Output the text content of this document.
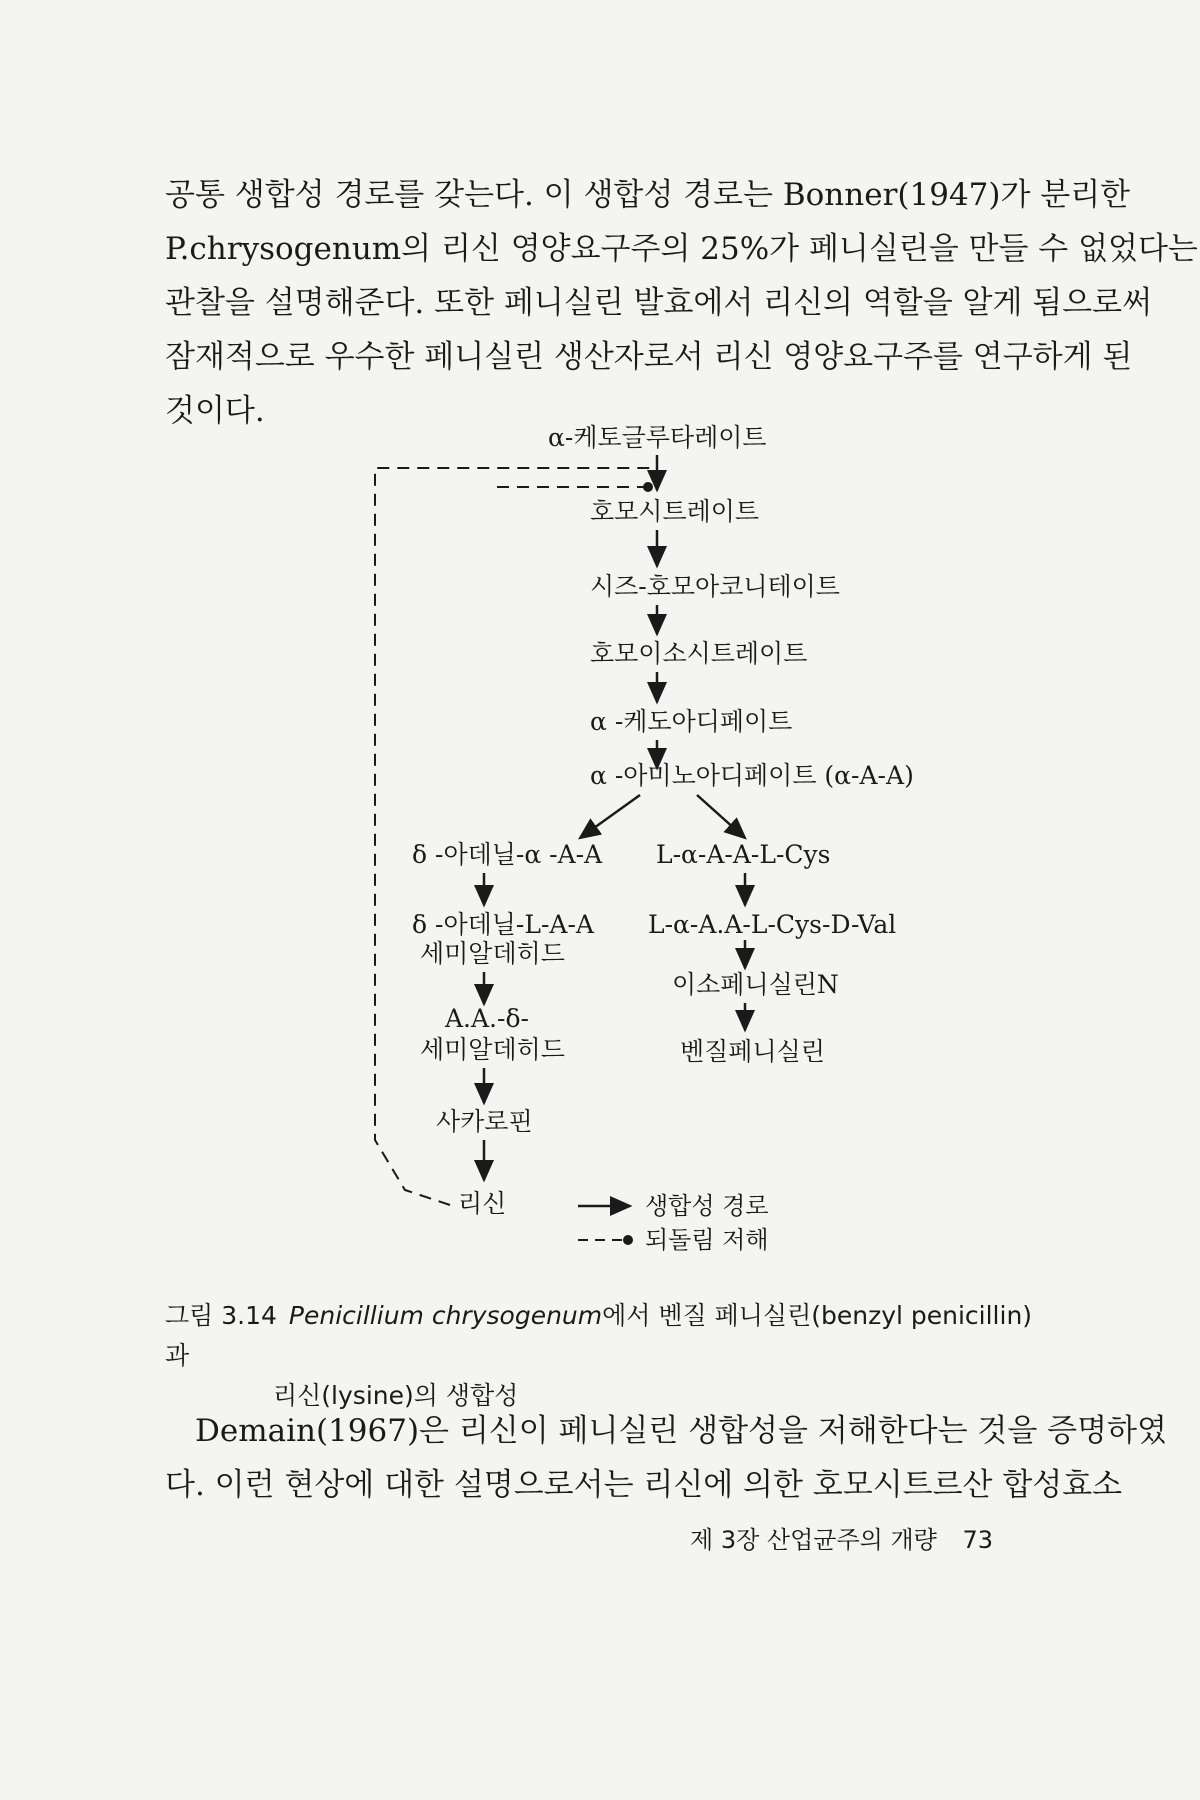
공통 생합성 경로를 갖는다. 이 생합성 경로는 Bonner(1947)가 분리한
P.chrysogenum의 리신 영양요구주의 25%가 페니실린을 만들 수 없었다는
관찰을 설명해준다. 또한 페니실린 발효에서 리신의 역할을 알게 됨으로써
잠재적으로 우수한 페니실린 생산자로서 리신 영양요구주를 연구하게 된
것이다.
α-케토글루타레이트
호모시트레이트
시즈-호모아코니테이트
호모이소시트레이트
α -케도아디페이트
α -아미노아디페이트 (α-A-A)
δ -아데닐-α -A-A
δ -아데닐-L-A-A
세미알데히드
A.A.-δ-
세미알데히드
사카로핀
리신
L-α-A-A-L-Cys
L-α-A.A-L-Cys-D-Val
이소페니실린N
벤질페니실린
생합성 경로
되돌림 저해
그림 3.14 Penicillium chrysogenum에서 벤질 페니실린(benzyl penicillin)과
리신(lysine)의 생합성
Demain(1967)은 리신이 페니실린 생합성을 저해한다는 것을 증명하였
다. 이런 현상에 대한 설명으로서는 리신에 의한 호모시트르산 합성효소
제 3장 산업균주의 개량 73
